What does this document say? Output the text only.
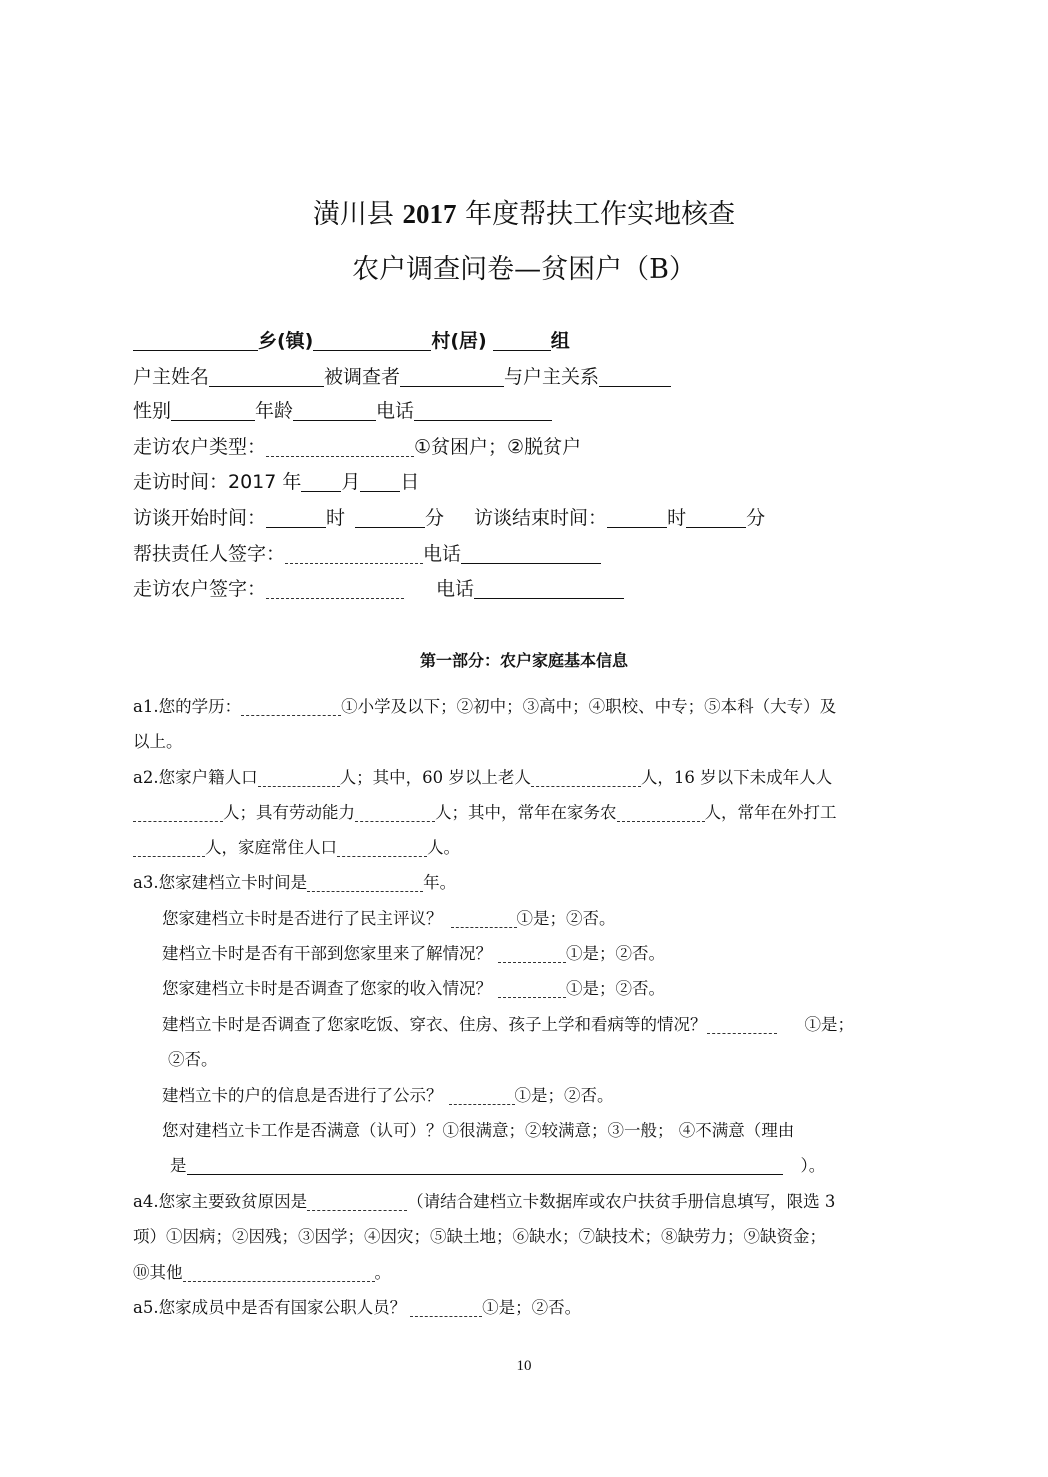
潢川县 2017 年度帮扶工作实地核查
农户调查问卷—贫困户（B）
乡(镇)	村(居)	组
户主姓名	被调查者	与户主关系
性别	年龄	电话
走访农户类型：	①贫困户；②脱贫户
走访时间：2017 年 月 日
访谈开始时间：	时	分 访谈结束时间：	时	分
帮扶责任人签字：	电话
走访农户签字：	电话
第一部分：农户家庭基本信息
a1.您的学历：	①小学及以下；②初中；③高中；④职校、中专；⑤本科（大专）及
以上。
a2.您家户籍人口	人；其中，60 岁以上老人	人，16 岁以下未成年人人
人；具有劳动能力	人；其中，常年在家务农	人，常年在外打工
人，家庭常住人口	人。
a3.您家建档立卡时间是	年。
您家建档立卡时是否进行了民主评议？	①是；②否。
建档立卡时是否有干部到您家里来了解情况？	①是；②否。
您家建档立卡时是否调查了您家的收入情况？	①是；②否。
建档立卡时是否调查了您家吃饭、穿衣、住房、孩子上学和看病等的情况？	①是；
②否。
建档立卡的户的信息是否进行了公示？	①是；②否。
您对建档立卡工作是否满意（认可）？①很满意；②较满意；③一般； ④不满意（理由
是	）。
a4.您家主要致贫原因是	（请结合建档立卡数据库或农户扶贫手册信息填写，限选 3
项）①因病；②因残；③因学；④因灾；⑤缺土地；⑥缺水；⑦缺技术；⑧缺劳力；⑨缺资金；
⑩其他	。
a5.您家成员中是否有国家公职人员？	①是；②否。
10
